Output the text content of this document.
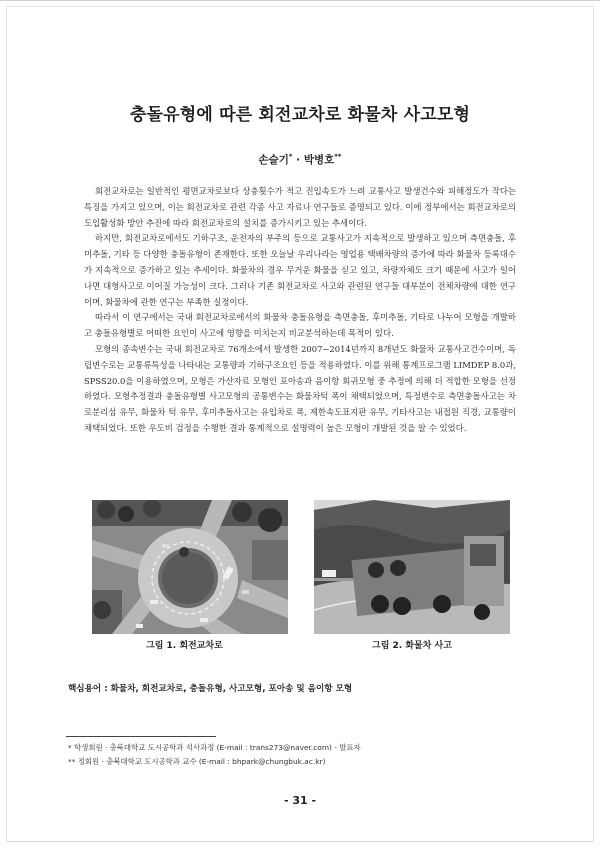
충돌유형에 따른 회전교차로 화물차 사고모형
손슬기* · 박병호**

회전교차로는 일반적인 평면교차로보다 상충횟수가 적고 진입속도가 느려 교통사고 발생건수와 피해정도가 작다는 특징을 가지고 있으며, 이는 회전교차로 관련 각종 사고 자료나 연구들로 증명되고 있다. 이에 정부에서는 회전교차로의 도입활성화 방안 추진에 따라 회전교차로의 설치를 증가시키고 있는 추세이다.

하지만, 회전교차로에서도 기하구조, 운전자의 부주의 등으로 교통사고가 지속적으로 발생하고 있으며 측면충돌, 후미추돌, 기타 등 다양한 충돌유형이 존재한다. 또한 오늘날 우리나라는 영업용 택배차량의 증가에 따라 화물차 등록대수가 지속적으로 증가하고 있는 추세이다. 화물차의 경우 무거운 화물을 싣고 있고, 차량자체도 크기 때문에 사고가 일어나면 대형사고로 이어질 가능성이 크다. 그러나 기존 회전교차로 사고와 관련된 연구들 대부분이 전체차량에 대한 연구이며, 화물차에 관한 연구는 부족한 실정이다.

따라서 이 연구에서는 국내 회전교차로에서의 화물차 충돌유형을 측면충돌, 후미추돌, 기타로 나누어 모형을 개발하고 충돌유형별로 어떠한 요인이 사고에 영향을 미치는지 비교분석하는데 목적이 있다.

모형의 종속변수는 국내 회전교차로 76개소에서 발생한 2007~2014년까지 8개년도 화물차 교통사고건수이며, 독립변수로는 교통류특성을 나타내는 교통량과 기하구조요인 등을 적용하였다. 이를 위해 통계프로그램 LIMDEP 8.0과, SPSS20.0을 이용하였으며, 모형은 가산자료 모형인 포아송과 음이항 회귀모형 중 추정에 의해 더 적합한 모형을 선정하였다. 모형추정결과 충돌유형별 사고모형의 공통변수는 화물차턱 폭이 채택되었으며, 특정변수로 측면충돌사고는 차로분리섬 유무, 화물차 턱 유무, 후미추돌사고는 유입차로 폭, 제한속도표지판 유무, 기타사고는 내접원 직경, 교통량이 채택되었다. 또한 우도비 검정을 수행한 결과 통계적으로 설명력이 높은 모형이 개발된 것을 알 수 있었다.

그림 1. 회전교차로	그림 2. 화물차 사고
핵심용어 : 화물차, 회전교차로, 충돌유형, 사고모형, 포아송 및 음이항 모형
* 학생회원 · 충북대학교 도시공학과 석사과정 (E-mail : trans273@naver.com) - 발표자
** 정회원 · 충북대학교 도시공학과 교수 (E-mail : bhpark@chungbuk.ac.kr)
- 31 -
